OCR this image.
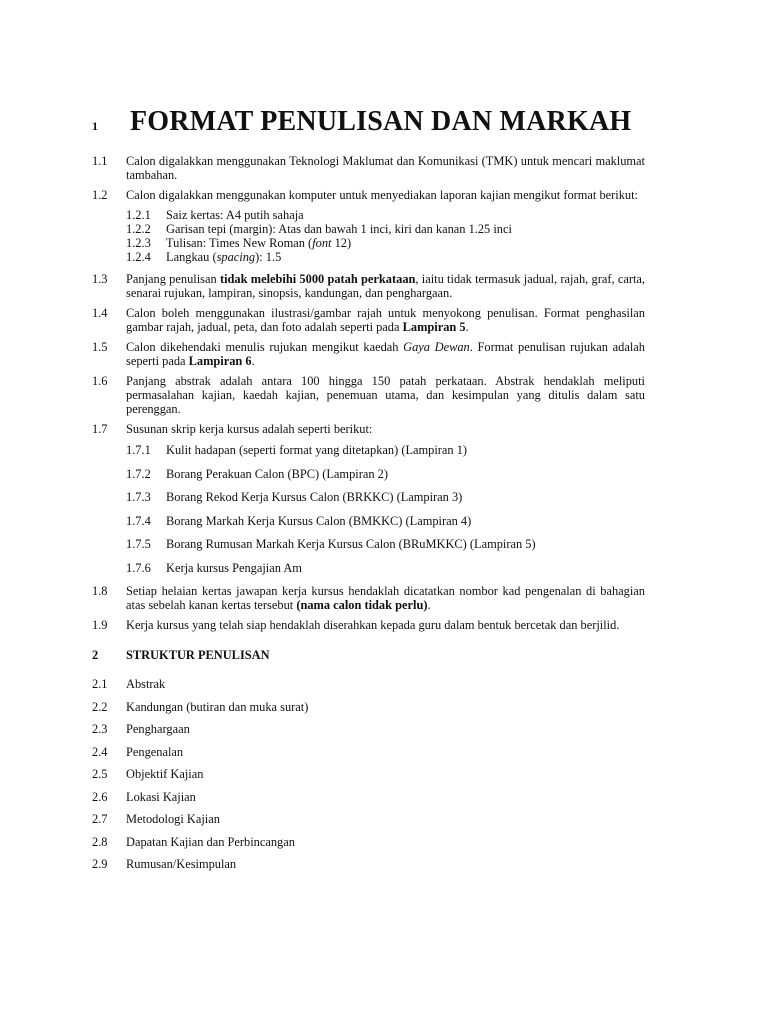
1	FORMAT PENULISAN DAN MARKAH
1.1	Calon digalakkan menggunakan Teknologi Maklumat dan Komunikasi (TMK) untuk mencari maklumat tambahan.
1.2	Calon digalakkan menggunakan komputer untuk menyediakan laporan kajian mengikut format berikut:
1.2.1	Saiz kertas: A4 putih sahaja
1.2.2	Garisan tepi (margin): Atas dan bawah 1 inci, kiri dan kanan 1.25 inci
1.2.3	Tulisan: Times New Roman (font 12)
1.2.4	Langkau (spacing): 1.5
1.3	Panjang penulisan tidak melebihi 5000 patah perkataan, iaitu tidak termasuk jadual, rajah, graf, carta, senarai rujukan, lampiran, sinopsis, kandungan, dan penghargaan.
1.4	Calon boleh menggunakan ilustrasi/gambar rajah untuk menyokong penulisan. Format penghasilan gambar rajah, jadual, peta, dan foto adalah seperti pada Lampiran 5.
1.5	Calon dikehendaki menulis rujukan mengikut kaedah Gaya Dewan. Format penulisan rujukan adalah seperti pada Lampiran 6.
1.6	Panjang abstrak adalah antara 100 hingga 150 patah perkataan. Abstrak hendaklah meliputi permasalahan kajian, kaedah kajian, penemuan utama, dan kesimpulan yang ditulis dalam satu perenggan.
1.7	Susunan skrip kerja kursus adalah seperti berikut:
1.7.1	Kulit hadapan (seperti format yang ditetapkan) (Lampiran 1)
1.7.2	Borang Perakuan Calon (BPC) (Lampiran 2)
1.7.3	Borang Rekod Kerja Kursus Calon (BRKKC) (Lampiran 3)
1.7.4	Borang Markah Kerja Kursus Calon (BMKKC) (Lampiran 4)
1.7.5	Borang Rumusan Markah Kerja Kursus Calon (BRuMKKC) (Lampiran 5)
1.7.6	Kerja kursus Pengajian Am
1.8	Setiap helaian kertas jawapan kerja kursus hendaklah dicatatkan nombor kad pengenalan di bahagian atas sebelah kanan kertas tersebut (nama calon tidak perlu).
1.9	Kerja kursus yang telah siap hendaklah diserahkan kepada guru dalam bentuk bercetak dan berjilid.
2	STRUKTUR PENULISAN
2.1	Abstrak
2.2	Kandungan (butiran dan muka surat)
2.3	Penghargaan
2.4	Pengenalan
2.5	Objektif Kajian
2.6	Lokasi Kajian
2.7	Metodologi Kajian
2.8	Dapatan Kajian dan Perbincangan
2.9	Rumusan/Kesimpulan
